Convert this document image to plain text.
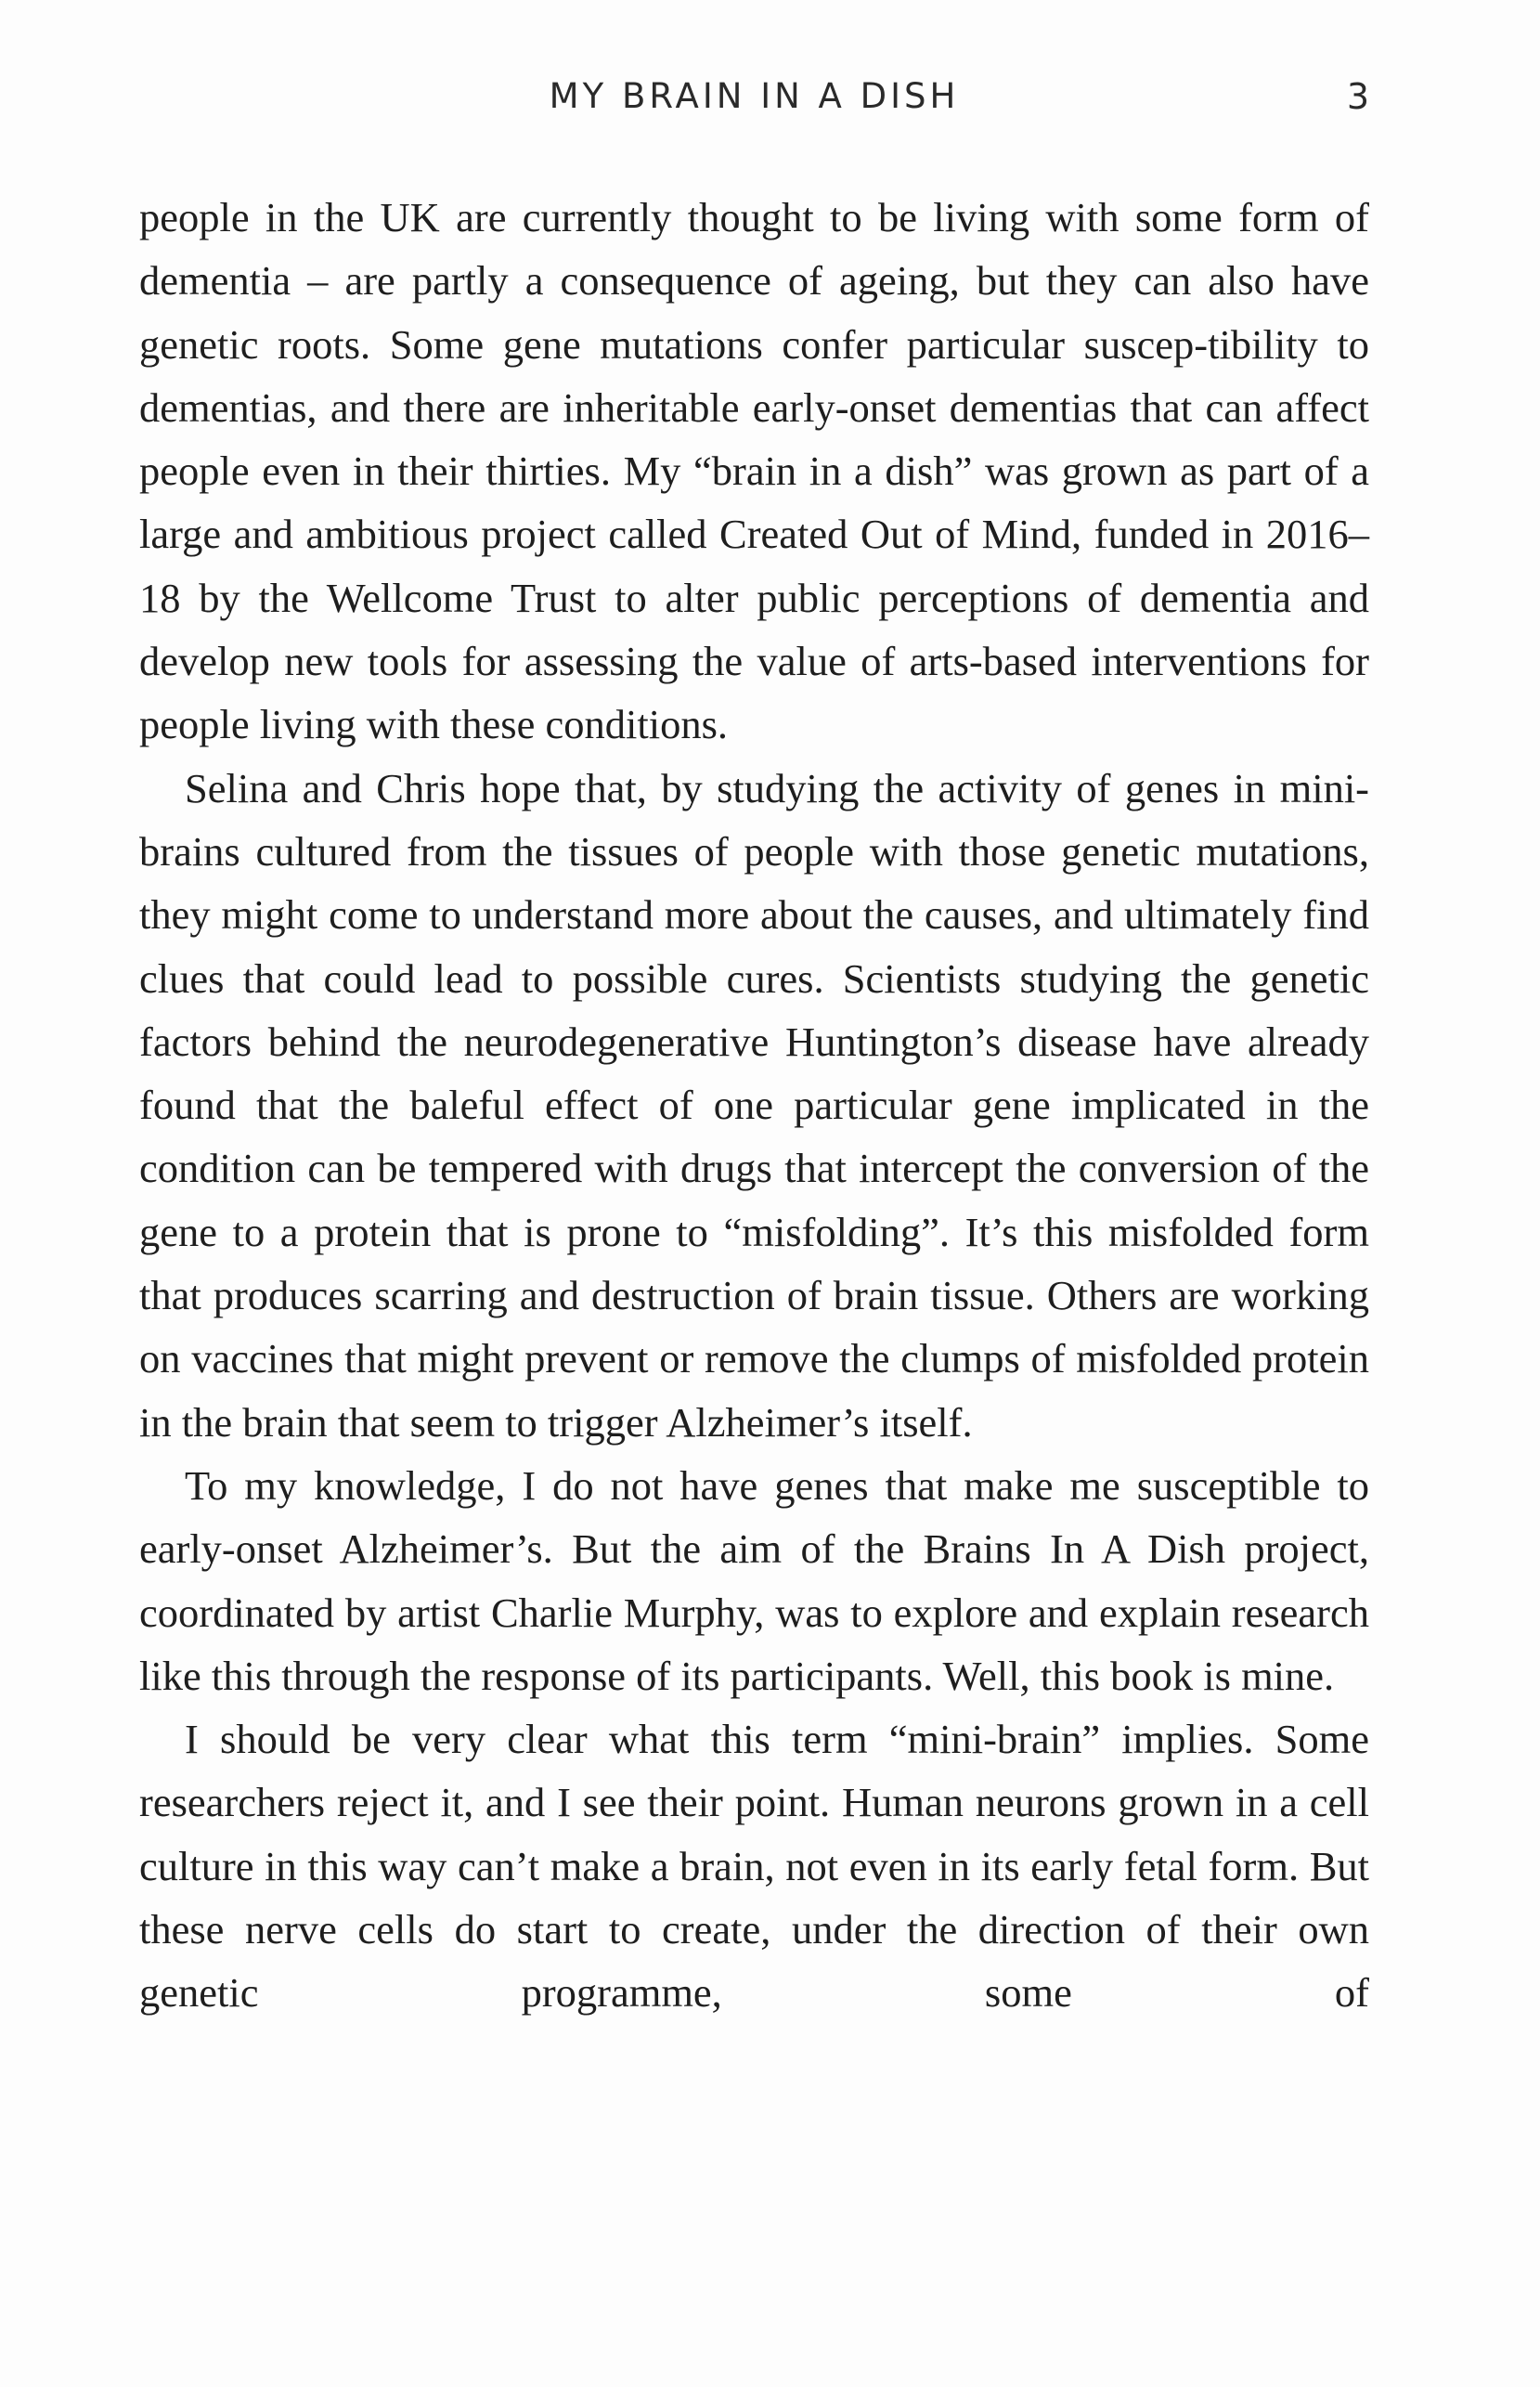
MY BRAIN IN A DISH	3

people in the UK are currently thought to be living with some form of dementia – are partly a consequence of ageing, but they can also have genetic roots. Some gene mutations confer particular suscep-tibility to dementias, and there are inheritable early-onset dementias that can affect people even in their thirties. My “brain in a dish” was grown as part of a large and ambitious project called Created Out of Mind, funded in 2016–18 by the Wellcome Trust to alter public perceptions of dementia and develop new tools for assessing the value of arts-based interventions for people living with these conditions.

Selina and Chris hope that, by studying the activity of genes in mini-brains cultured from the tissues of people with those genetic mutations, they might come to understand more about the causes, and ultimately find clues that could lead to possible cures. Scientists studying the genetic factors behind the neurodegenerative Huntington’s disease have already found that the baleful effect of one particular gene implicated in the condition can be tempered with drugs that intercept the conversion of the gene to a protein that is prone to “misfolding”. It’s this misfolded form that produces scarring and destruction of brain tissue. Others are working on vaccines that might prevent or remove the clumps of misfolded protein in the brain that seem to trigger Alzheimer’s itself.

To my knowledge, I do not have genes that make me susceptible to early-onset Alzheimer’s. But the aim of the Brains In A Dish project, coordinated by artist Charlie Murphy, was to explore and explain research like this through the response of its participants. Well, this book is mine.

I should be very clear what this term “mini-brain” implies. Some researchers reject it, and I see their point. Human neurons grown in a cell culture in this way can’t make a brain, not even in its early fetal form. But these nerve cells do start to create, under the direction of their own genetic programme, some of
